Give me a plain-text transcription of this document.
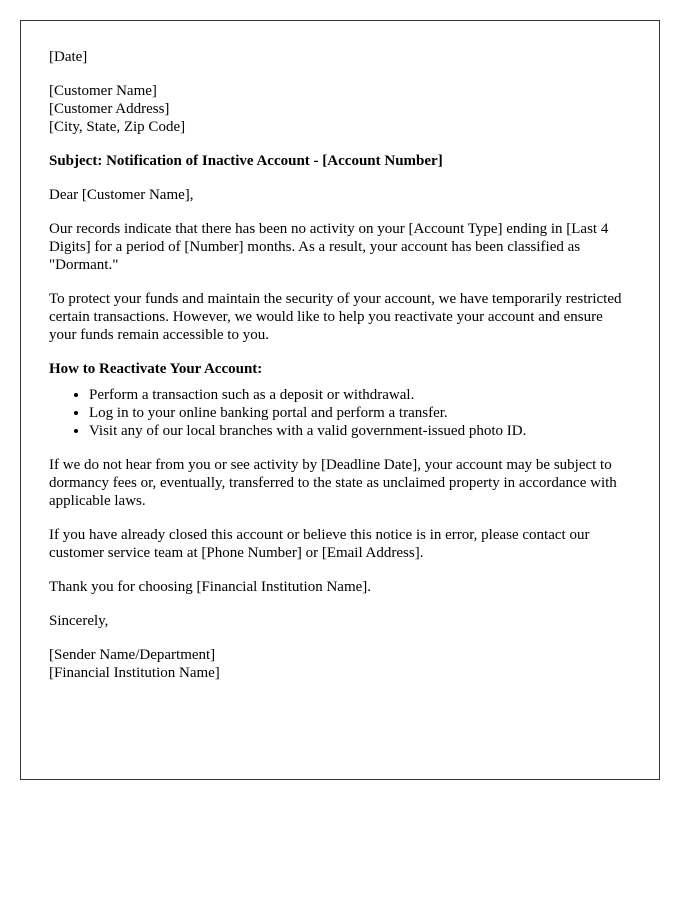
[Date]

[Customer Name]
[Customer Address]
[City, State, Zip Code]

Subject: Notification of Inactive Account - [Account Number]

Dear [Customer Name],

Our records indicate that there has been no activity on your [Account Type] ending in [Last 4 Digits] for a period of [Number] months. As a result, your account has been classified as "Dormant."

To protect your funds and maintain the security of your account, we have temporarily restricted certain transactions. However, we would like to help you reactivate your account and ensure your funds remain accessible to you.

How to Reactivate Your Account:

• Perform a transaction such as a deposit or withdrawal.
• Log in to your online banking portal and perform a transfer.
• Visit any of our local branches with a valid government-issued photo ID.

If we do not hear from you or see activity by [Deadline Date], your account may be subject to dormancy fees or, eventually, transferred to the state as unclaimed property in accordance with applicable laws.

If you have already closed this account or believe this notice is in error, please contact our customer service team at [Phone Number] or [Email Address].

Thank you for choosing [Financial Institution Name].

Sincerely,

[Sender Name/Department]
[Financial Institution Name]
